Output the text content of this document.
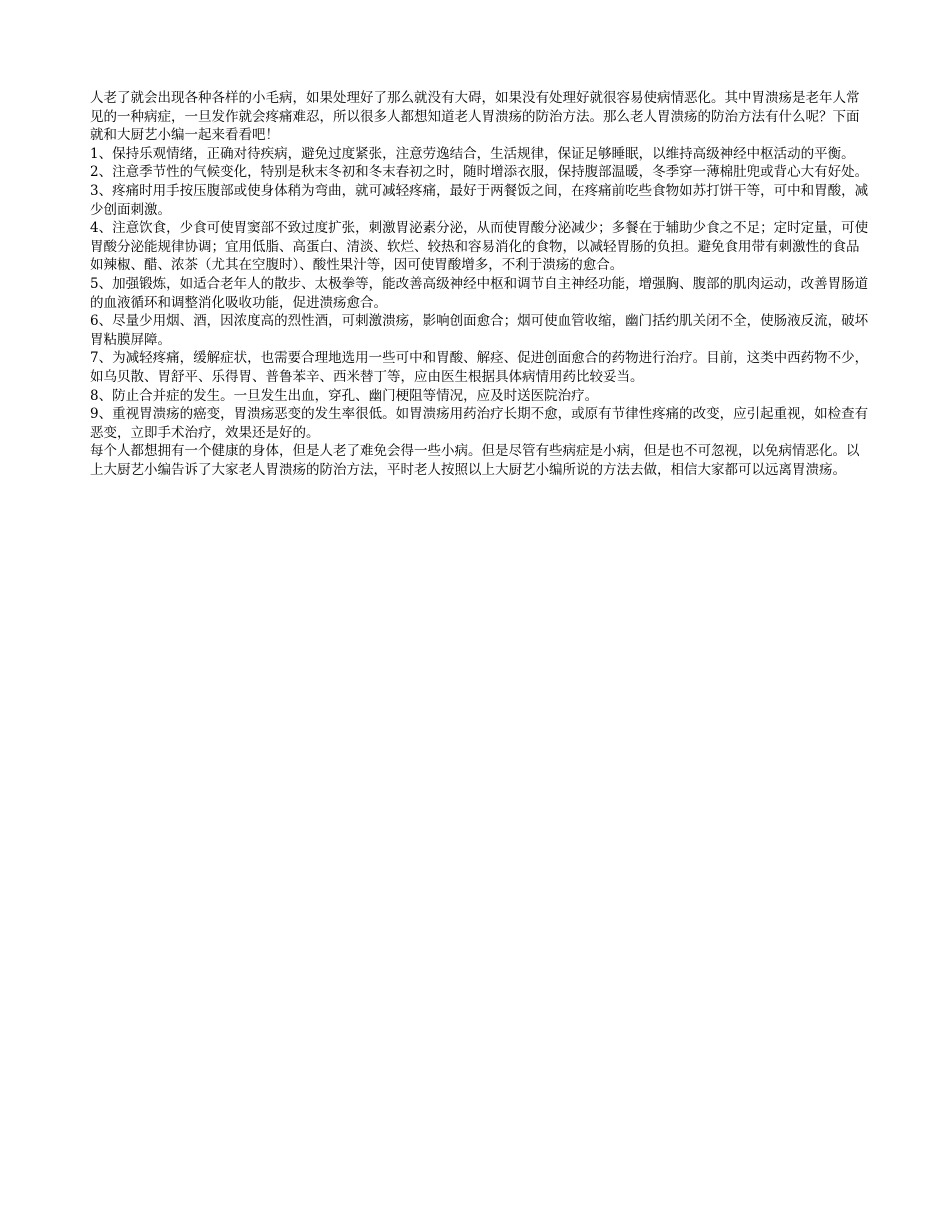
人老了就会出现各种各样的小毛病，如果处理好了那么就没有大碍，如果没有处理好就很容易使病情恶化。其中胃溃疡是老年人常见的一种病症，一旦发作就会疼痛难忍，所以很多人都想知道老人胃溃疡的防治方法。那么老人胃溃疡的防治方法有什么呢？下面就和大厨艺小编一起来看看吧！

1、保持乐观情绪，正确对待疾病，避免过度紧张，注意劳逸结合，生活规律，保证足够睡眠，以维持高级神经中枢活动的平衡。

2、注意季节性的气候变化，特别是秋末冬初和冬末春初之时，随时增添衣服，保持腹部温暖，冬季穿一薄棉肚兜或背心大有好处。

3、疼痛时用手按压腹部或使身体稍为弯曲，就可减轻疼痛，最好于两餐饭之间，在疼痛前吃些食物如苏打饼干等，可中和胃酸，减少创面刺激。

4、注意饮食，少食可使胃窦部不致过度扩张，刺激胃泌素分泌，从而使胃酸分泌减少；多餐在于辅助少食之不足；定时定量，可使胃酸分泌能规律协调；宜用低脂、高蛋白、清淡、软烂、较热和容易消化的食物，以减轻胃肠的负担。避免食用带有刺激性的食品如辣椒、醋、浓茶（尤其在空腹时）、酸性果汁等，因可使胃酸增多，不利于溃疡的愈合。

5、加强锻炼，如适合老年人的散步、太极拳等，能改善高级神经中枢和调节自主神经功能，增强胸、腹部的肌肉运动，改善胃肠道的血液循环和调整消化吸收功能，促进溃疡愈合。

6、尽量少用烟、酒，因浓度高的烈性酒，可刺激溃疡，影响创面愈合；烟可使血管收缩，幽门括约肌关闭不全，使肠液反流，破坏胃粘膜屏障。

7、为减轻疼痛，缓解症状，也需要合理地选用一些可中和胃酸、解痉、促进创面愈合的药物进行治疗。目前，这类中西药物不少，如乌贝散、胃舒平、乐得胃、普鲁苯辛、西米替丁等，应由医生根据具体病情用药比较妥当。

8、防止合并症的发生。一旦发生出血，穿孔、幽门梗阻等情况，应及时送医院治疗。

9、重视胃溃疡的癌变，胃溃疡恶变的发生率很低。如胃溃疡用药治疗长期不愈，或原有节律性疼痛的改变，应引起重视，如检查有恶变，立即手术治疗，效果还是好的。

每个人都想拥有一个健康的身体，但是人老了难免会得一些小病。但是尽管有些病症是小病，但是也不可忽视，以免病情恶化。以上大厨艺小编告诉了大家老人胃溃疡的防治方法，平时老人按照以上大厨艺小编所说的方法去做，相信大家都可以远离胃溃疡。
